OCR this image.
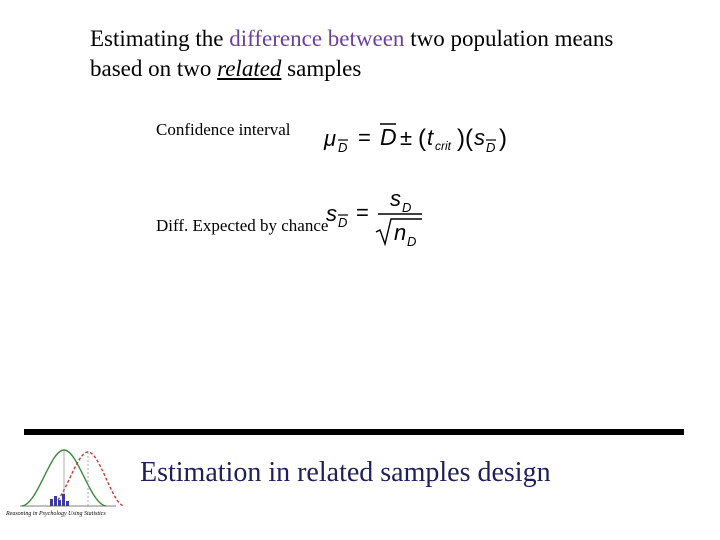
Estimating the difference between two population means based on two related samples
Confidence interval μ D = D ± ( t crit )( s D )
Diff. Expected by chance
s D =
s D
n D
Reasoning in Psychology Using Statistics
Estimation in related samples design
